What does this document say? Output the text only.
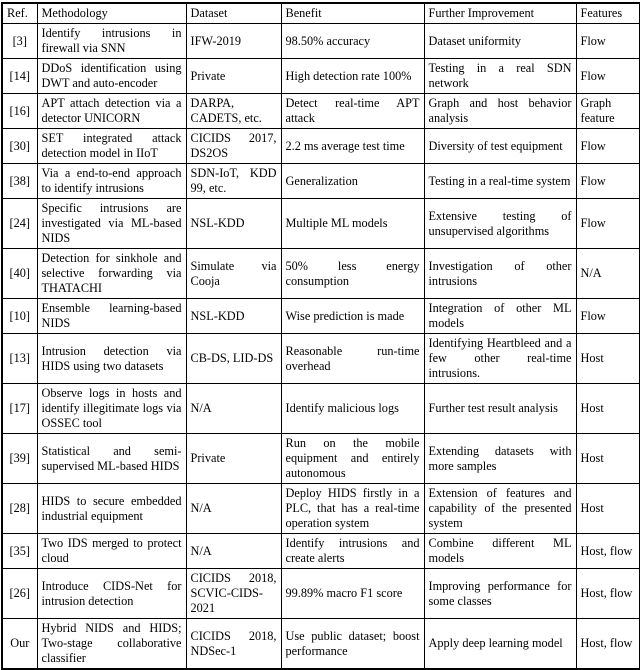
Ref.	Methodology	Dataset	Benefit	Further Improvement	Features
[3]	Identify intrusions in firewall via SNN	IFW-2019	98.50% accuracy	Dataset uniformity	Flow
[14]	DDoS identification using DWT and auto-encoder	Private	High detection rate 100%	Testing in a real SDN network	Flow
[16]	APT attach detection via a detector UNICORN	DARPA, CADETS, etc.	Detect real-time APT attack	Graph and host behavior analysis	Graph feature
[30]	SET integrated attack detection model in IIoT	CICIDS 2017, DS2OS	2.2 ms average test time	Diversity of test equipment	Flow
[38]	Via a end-to-end approach to identify intrusions	SDN-IoT, KDD 99, etc.	Generalization	Testing in a real-time system	Flow
[24]	Specific intrusions are investigated via ML-based NIDS	NSL-KDD	Multiple ML models	Extensive testing of unsupervised algorithms	Flow
[40]	Detection for sinkhole and selective forwarding via THATACHI	Simulate via Cooja	50% less energy consumption	Investigation of other intrusions	N/A
[10]	Ensemble learning-based NIDS	NSL-KDD	Wise prediction is made	Integration of other ML models	Flow
[13]	Intrusion detection via HIDS using two datasets	CB-DS, LID-DS	Reasonable run-time overhead	Identifying Heartbleed and a few other real-time intrusions.	Host
[17]	Observe logs in hosts and identify illegitimate logs via OSSEC tool	N/A	Identify malicious logs	Further test result analysis	Host
[39]	Statistical and semi-supervised ML-based HIDS	Private	Run on the mobile equipment and entirely autonomous	Extending datasets with more samples	Host
[28]	HIDS to secure embedded industrial equipment	N/A	Deploy HIDS firstly in a PLC, that has a real-time operation system	Extension of features and capability of the presented system	Host
[35]	Two IDS merged to protect cloud	N/A	Identify intrusions and create alerts	Combine different ML models	Host, flow
[26]	Introduce CIDS-Net for intrusion detection	CICIDS 2018, SCVIC-CIDS-2021	99.89% macro F1 score	Improving performance for some classes	Host, flow
Our	Hybrid NIDS and HIDS; Two-stage collaborative classifier	CICIDS 2018, NDSec-1	Use public dataset; boost performance	Apply deep learning model	Host, flow
